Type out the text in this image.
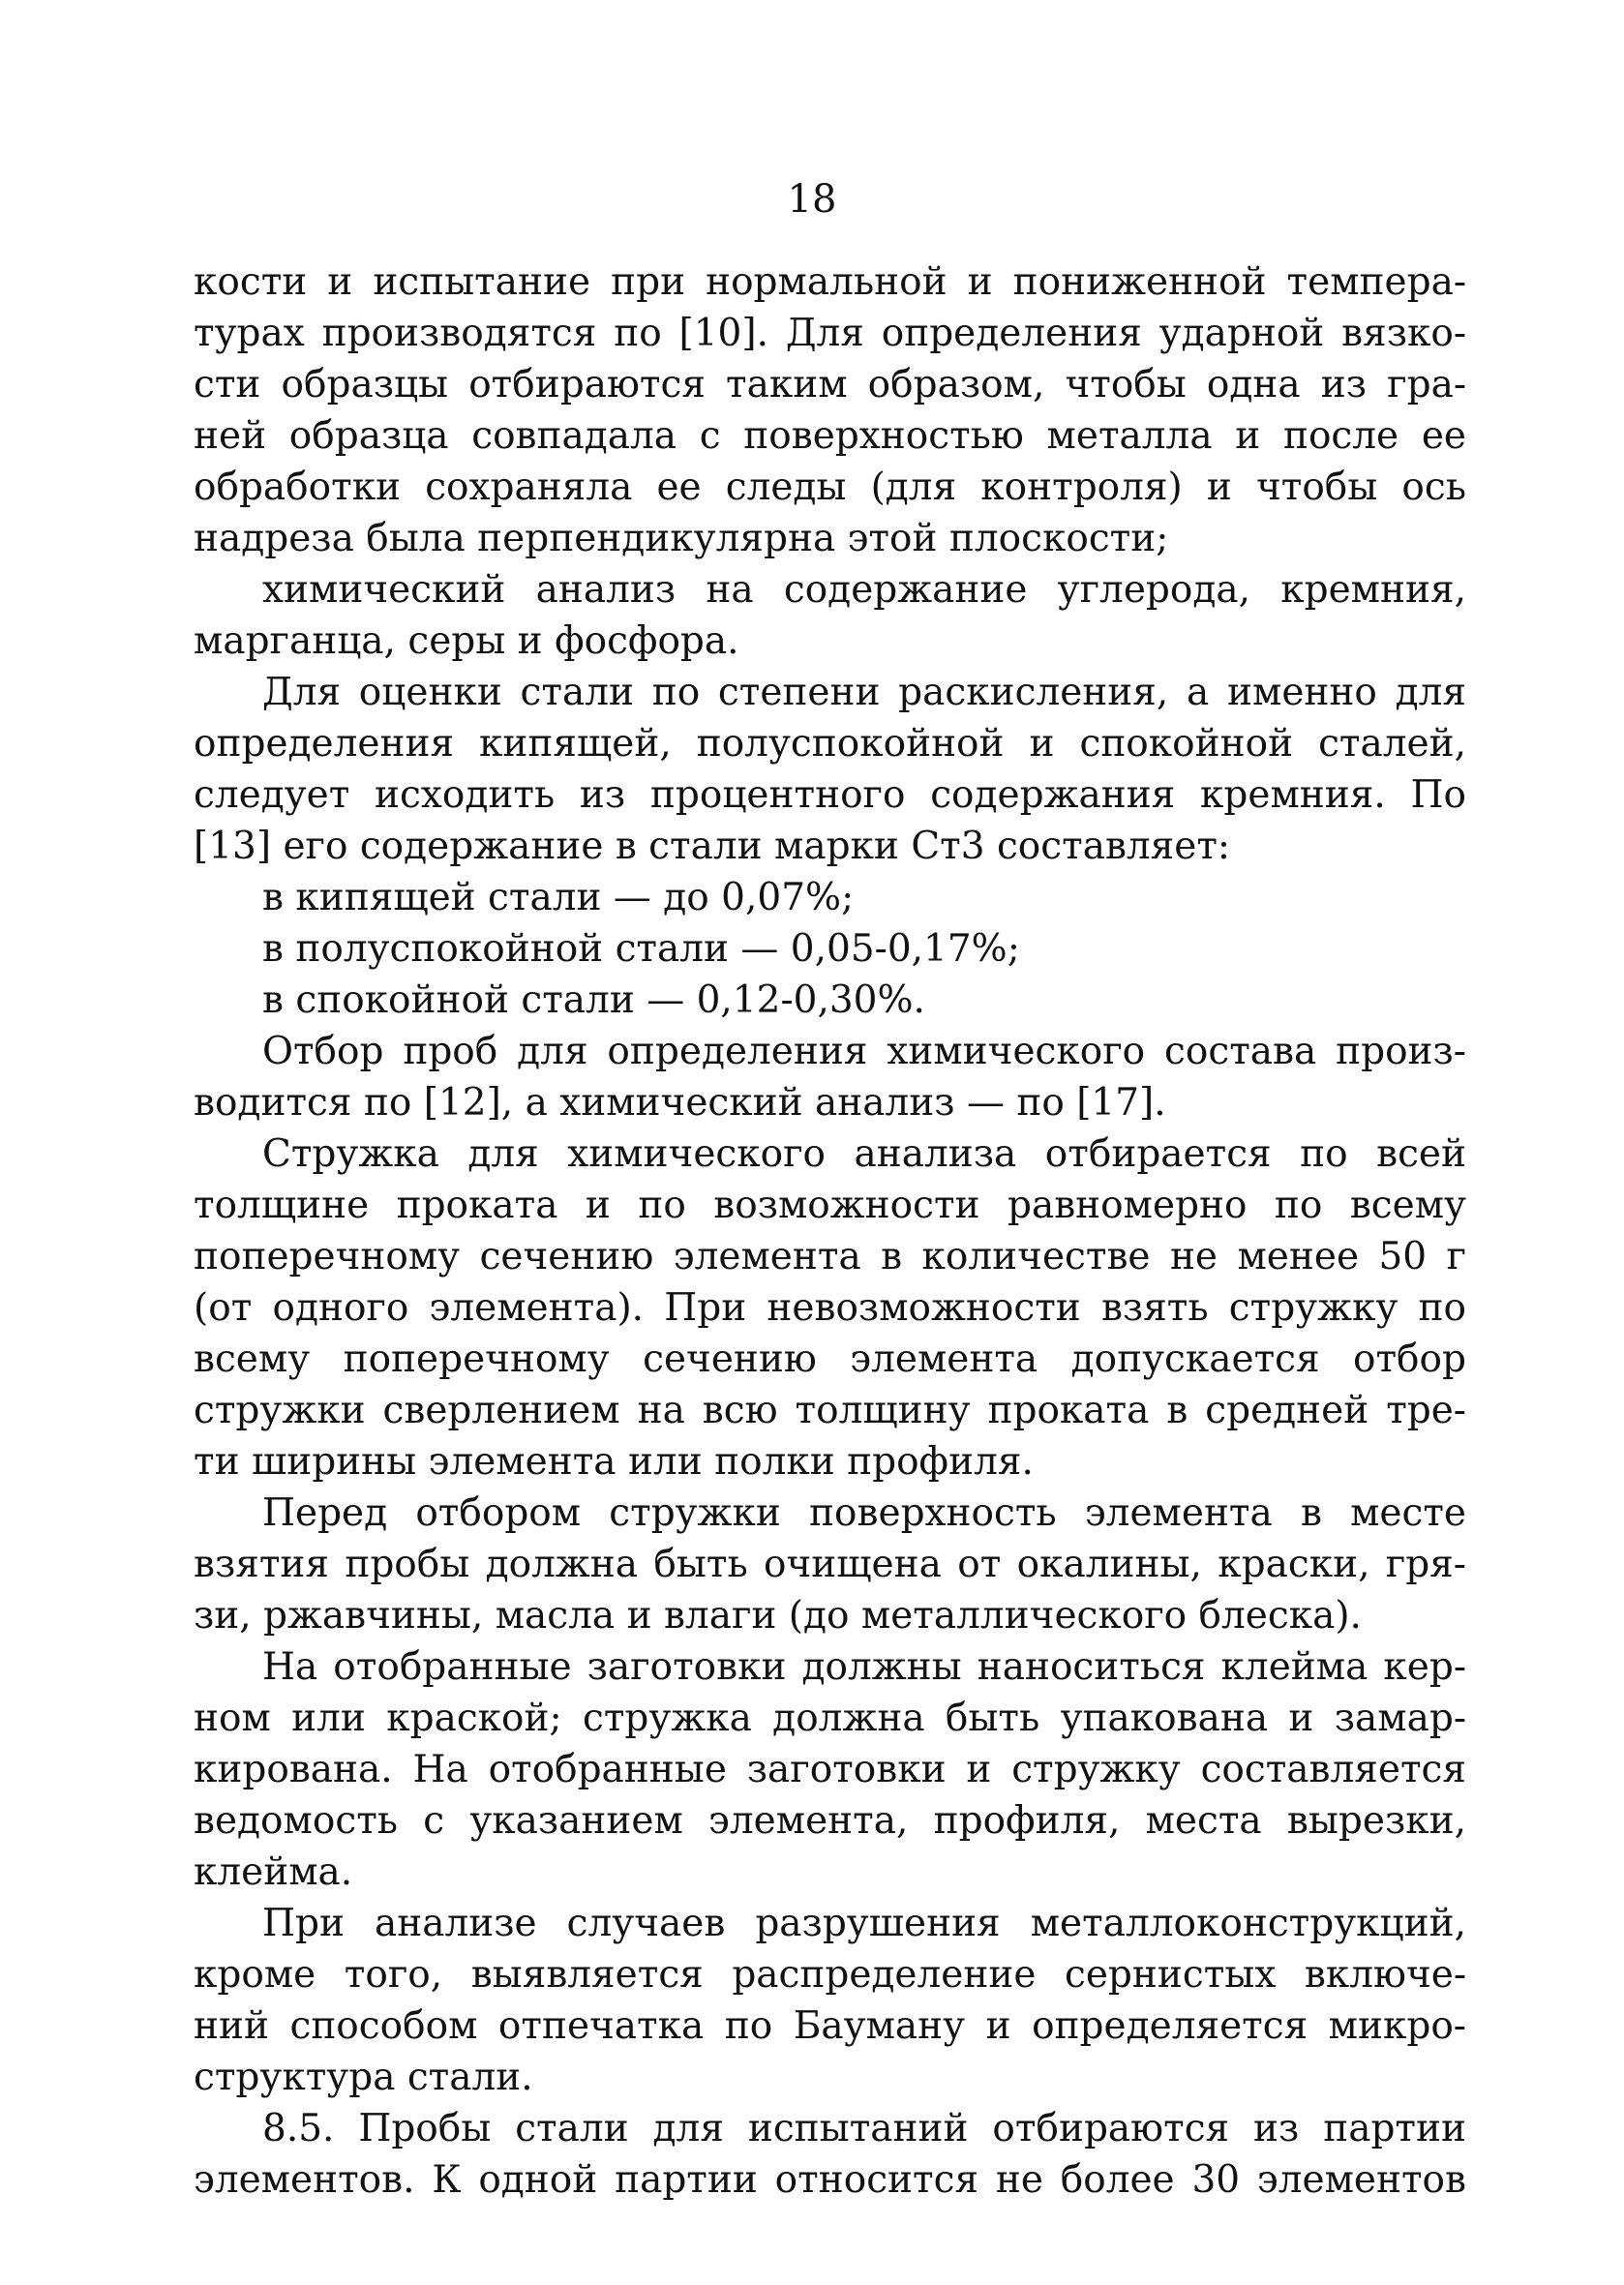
18
кости и испытание при нормальной и пониженной темпера-
турах производятся по [10]. Для определения ударной вязко-
сти образцы отбираются таким образом, чтобы одна из гра-
ней образца совпадала с поверхностью металла и после ее
обработки сохраняла ее следы (для контроля) и чтобы ось
надреза была перпендикулярна этой плоскости;
химический анализ на содержание углерода, кремния,
марганца, серы и фосфора.
Для оценки стали по степени раскисления, а именно для
определения кипящей, полуспокойной и спокойной сталей,
следует исходить из процентного содержания кремния. По
[13] его содержание в стали марки Ст3 составляет:
в кипящей стали — до 0,07%;
в полуспокойной стали — 0,05-0,17%;
в спокойной стали — 0,12-0,30%.
Отбор проб для определения химического состава произ-
водится по [12], а химический анализ — по [17].
Стружка для химического анализа отбирается по всей
толщине проката и по возможности равномерно по всему
поперечному сечению элемента в количестве не менее 50 г
(от одного элемента). При невозможности взять стружку по
всему поперечному сечению элемента допускается отбор
стружки сверлением на всю толщину проката в средней тре-
ти ширины элемента или полки профиля.
Перед отбором стружки поверхность элемента в месте
взятия пробы должна быть очищена от окалины, краски, гря-
зи, ржавчины, масла и влаги (до металлического блеска).
На отобранные заготовки должны наноситься клейма кер-
ном или краской; стружка должна быть упакована и замар-
кирована. На отобранные заготовки и стружку составляется
ведомость с указанием элемента, профиля, места вырезки,
клейма.
При анализе случаев разрушения металлоконструкций,
кроме того, выявляется распределение сернистых включе-
ний способом отпечатка по Бауману и определяется микро-
структура стали.
8.5. Пробы стали для испытаний отбираются из партии
элементов. К одной партии относится не более 30 элементов
